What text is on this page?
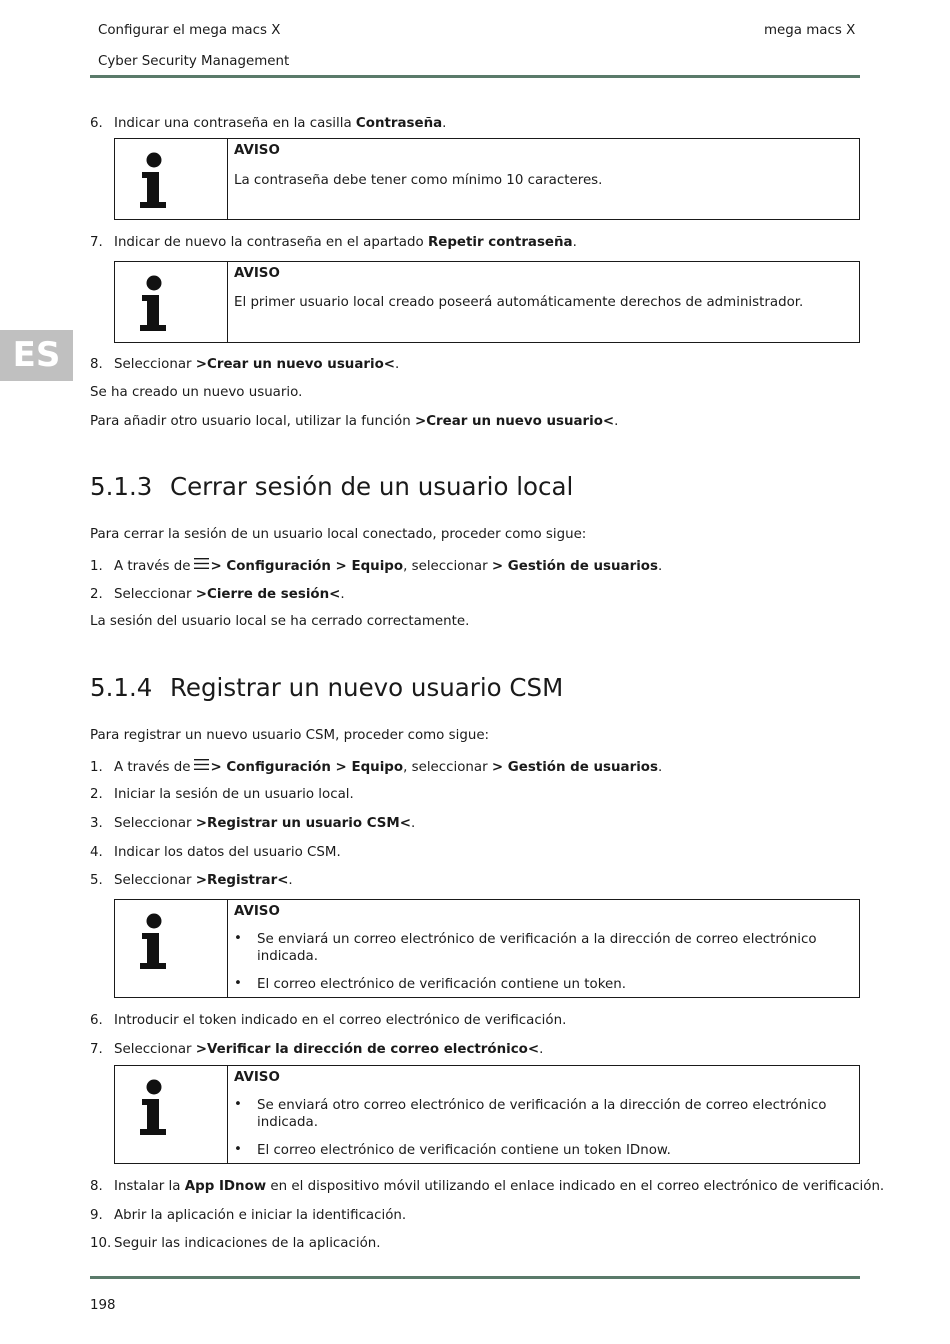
Configurar el mega macs X	mega macs X
Cyber Security Management
ES
6. Indicar una contraseña en la casilla Contraseña.
AVISO
La contraseña debe tener como mínimo 10 caracteres.
7. Indicar de nuevo la contraseña en el apartado Repetir contraseña.
AVISO
El primer usuario local creado poseerá automáticamente derechos de administrador.
8. Seleccionar >Crear un nuevo usuario<.
Se ha creado un nuevo usuario.
Para añadir otro usuario local, utilizar la función >Crear un nuevo usuario<.
5.1.3 Cerrar sesión de un usuario local
Para cerrar la sesión de un usuario local conectado, proceder como sigue:
1. A través de > Configuración > Equipo, seleccionar > Gestión de usuarios.
2. Seleccionar >Cierre de sesión<.
La sesión del usuario local se ha cerrado correctamente.
5.1.4 Registrar un nuevo usuario CSM
Para registrar un nuevo usuario CSM, proceder como sigue:
1. A través de > Configuración > Equipo, seleccionar > Gestión de usuarios.
2. Iniciar la sesión de un usuario local.
3. Seleccionar >Registrar un usuario CSM<.
4. Indicar los datos del usuario CSM.
5. Seleccionar >Registrar<.
AVISO
• Se enviará un correo electrónico de verificación a la dirección de correo electrónico indicada.
• El correo electrónico de verificación contiene un token.
6. Introducir el token indicado en el correo electrónico de verificación.
7. Seleccionar >Verificar la dirección de correo electrónico<.
AVISO
• Se enviará otro correo electrónico de verificación a la dirección de correo electrónico indicada.
• El correo electrónico de verificación contiene un token IDnow.
8. Instalar la App IDnow en el dispositivo móvil utilizando el enlace indicado en el correo electrónico de verificación.
9. Abrir la aplicación e iniciar la identificación.
10. Seguir las indicaciones de la aplicación.
198
